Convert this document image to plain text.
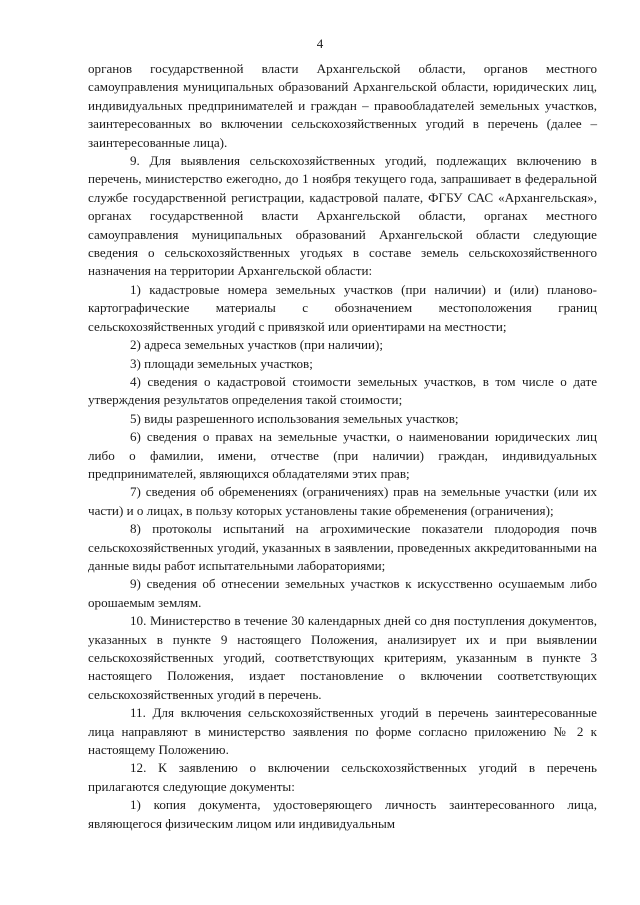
4

органов государственной власти Архангельской области, органов местного самоуправления муниципальных образований Архангельской области, юридических лиц, индивидуальных предпринимателей и граждан – правообладателей земельных участков, заинтересованных во включении сельскохозяйственных угодий в перечень (далее – заинтересованные лица).

9. Для выявления сельскохозяйственных угодий, подлежащих включению в перечень, министерство ежегодно, до 1 ноября текущего года, запрашивает в федеральной службе государственной регистрации, кадастровой палате, ФГБУ САС «Архангельская», органах государственной власти Архангельской области, органах местного самоуправления муниципальных образований Архангельской области следующие сведения о сельскохозяйственных угодьях в составе земель сельскохозяйственного назначения на территории Архангельской области:

1) кадастровые номера земельных участков (при наличии) и (или) планово-картографические материалы с обозначением местоположения границ сельскохозяйственных угодий с привязкой или ориентирами на местности;

2) адреса земельных участков (при наличии);

3) площади земельных участков;

4) сведения о кадастровой стоимости земельных участков, в том числе о дате утверждения результатов определения такой стоимости;

5) виды разрешенного использования земельных участков;

6) сведения о правах на земельные участки, о наименовании юридических лиц либо о фамилии, имени, отчестве (при наличии) граждан, индивидуальных предпринимателей, являющихся обладателями этих прав;

7) сведения об обременениях (ограничениях) прав на земельные участки (или их части) и о лицах, в пользу которых установлены такие обременения (ограничения);

8) протоколы испытаний на агрохимические показатели плодородия почв сельскохозяйственных угодий, указанных в заявлении, проведенных аккредитованными на данные виды работ испытательными лабораториями;

9) сведения об отнесении земельных участков к искусственно осушаемым либо орошаемым землям.

10. Министерство в течение 30 календарных дней со дня поступления документов, указанных в пункте 9 настоящего Положения, анализирует их и при выявлении сельскохозяйственных угодий, соответствующих критериям, указанным в пункте 3 настоящего Положения, издает постановление о включении соответствующих сельскохозяйственных угодий в перечень.

11. Для включения сельскохозяйственных угодий в перечень заинтересованные лица направляют в министерство заявления по форме согласно приложению № 2 к настоящему Положению.

12. К заявлению о включении сельскохозяйственных угодий в перечень прилагаются следующие документы:

1) копия документа, удостоверяющего личность заинтересованного лица, являющегося физическим лицом или индивидуальным
